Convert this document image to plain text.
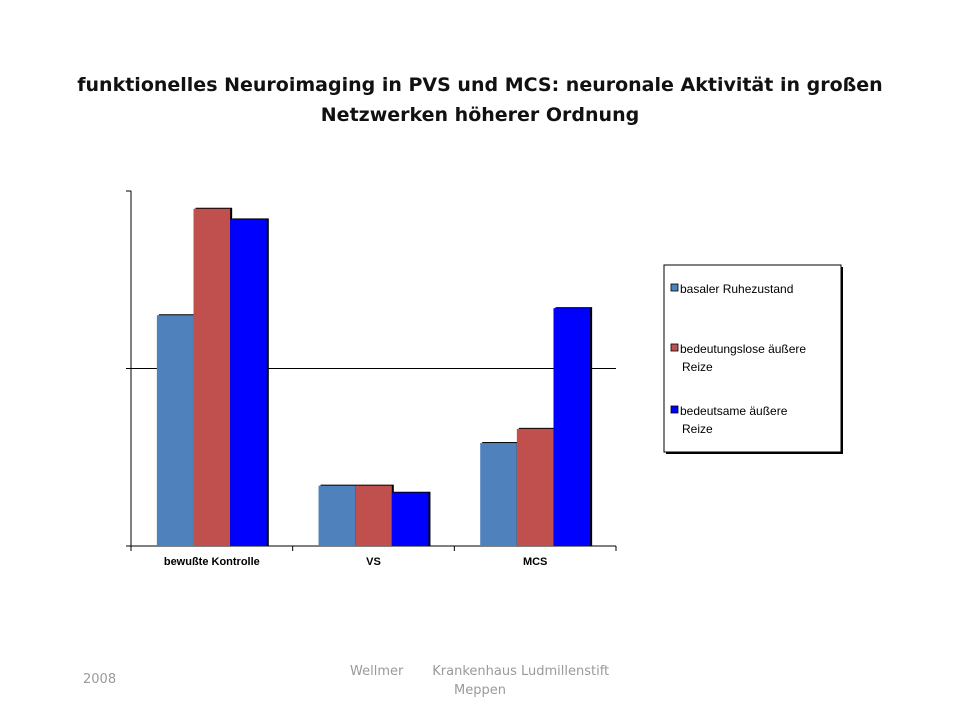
funktionelles Neuroimaging in PVS und MCS: neuronale Aktivität in großen
Netzwerken höherer Ordnung
bewußte Kontrolle	VS	MCS
basaler Ruhezustand
bedeutungslose äußere
Reize
bedeutsame äußere
Reize
2008
Wellmer       Krankenhaus Ludmillenstift
Meppen
